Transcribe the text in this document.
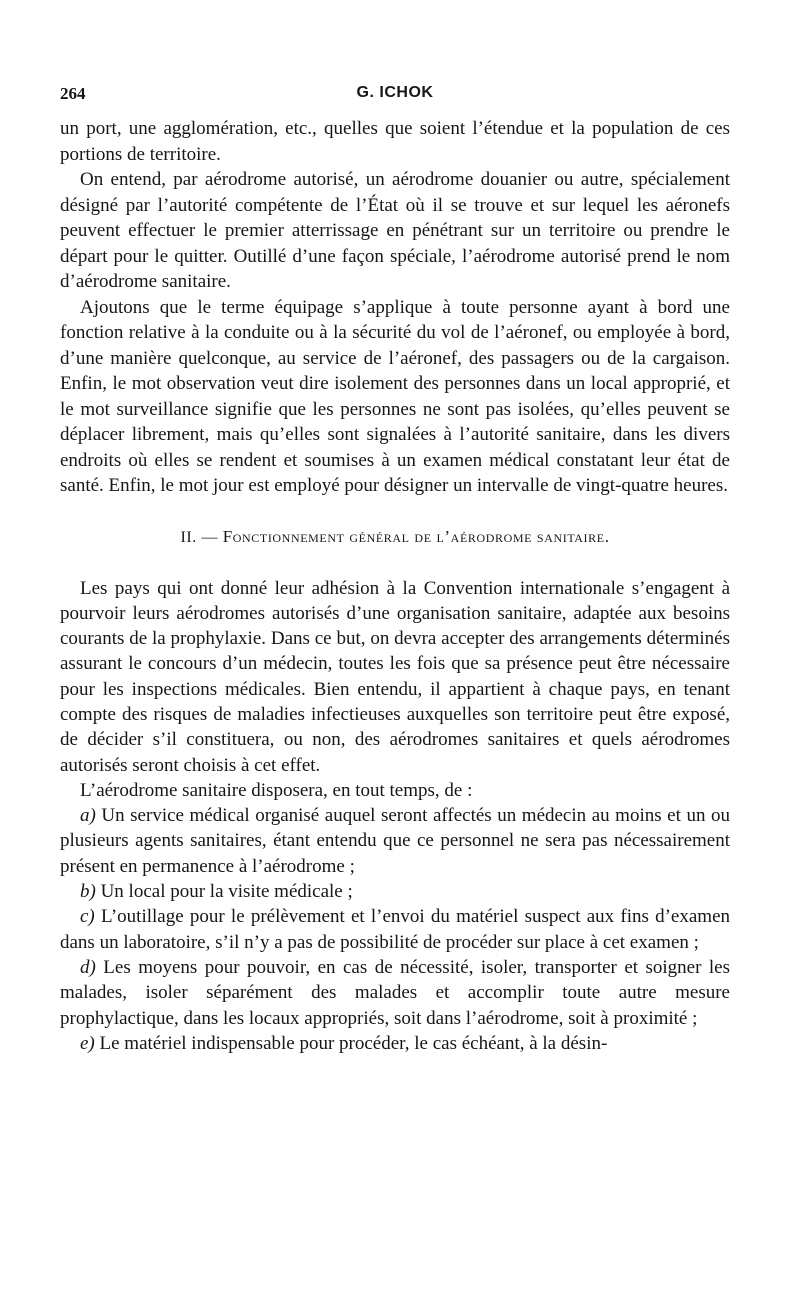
264	G. ICHOK

un port, une agglomération, etc., quelles que soient l’étendue et la population de ces portions de territoire.

On entend, par aérodrome autorisé, un aérodrome douanier ou autre, spécialement désigné par l’autorité compétente de l’État où il se trouve et sur lequel les aéronefs peuvent effectuer le premier atterrissage en pénétrant sur un territoire ou prendre le départ pour le quitter. Outillé d’une façon spéciale, l’aérodrome autorisé prend le nom d’aérodrome sanitaire.

Ajoutons que le terme équipage s’applique à toute personne ayant à bord une fonction relative à la conduite ou à la sécurité du vol de l’aéronef, ou employée à bord, d’une manière quelconque, au service de l’aéronef, des passagers ou de la cargaison. Enfin, le mot observation veut dire isolement des personnes dans un local approprié, et le mot surveillance signifie que les personnes ne sont pas isolées, qu’elles peuvent se déplacer librement, mais qu’elles sont signalées à l’autorité sanitaire, dans les divers endroits où elles se rendent et soumises à un examen médical constatant leur état de santé. Enfin, le mot jour est employé pour désigner un intervalle de vingt-quatre heures.

II. — Fonctionnement général de l’aérodrome sanitaire.

Les pays qui ont donné leur adhésion à la Convention internationale s’engagent à pourvoir leurs aérodromes autorisés d’une organisation sanitaire, adaptée aux besoins courants de la prophylaxie. Dans ce but, on devra accepter des arrangements déterminés assurant le concours d’un médecin, toutes les fois que sa présence peut être nécessaire pour les inspections médicales. Bien entendu, il appartient à chaque pays, en tenant compte des risques de maladies infectieuses auxquelles son territoire peut être exposé, de décider s’il constituera, ou non, des aérodromes sanitaires et quels aérodromes autorisés seront choisis à cet effet.

L’aérodrome sanitaire disposera, en tout temps, de :

a) Un service médical organisé auquel seront affectés un médecin au moins et un ou plusieurs agents sanitaires, étant entendu que ce personnel ne sera pas nécessairement présent en permanence à l’aérodrome ;

b) Un local pour la visite médicale ;

c) L’outillage pour le prélèvement et l’envoi du matériel suspect aux fins d’examen dans un laboratoire, s’il n’y a pas de possibilité de procéder sur place à cet examen ;

d) Les moyens pour pouvoir, en cas de nécessité, isoler, transporter et soigner les malades, isoler séparément des malades et accomplir toute autre mesure prophylactique, dans les locaux appropriés, soit dans l’aérodrome, soit à proximité ;

e) Le matériel indispensable pour procéder, le cas échéant, à la désin-
